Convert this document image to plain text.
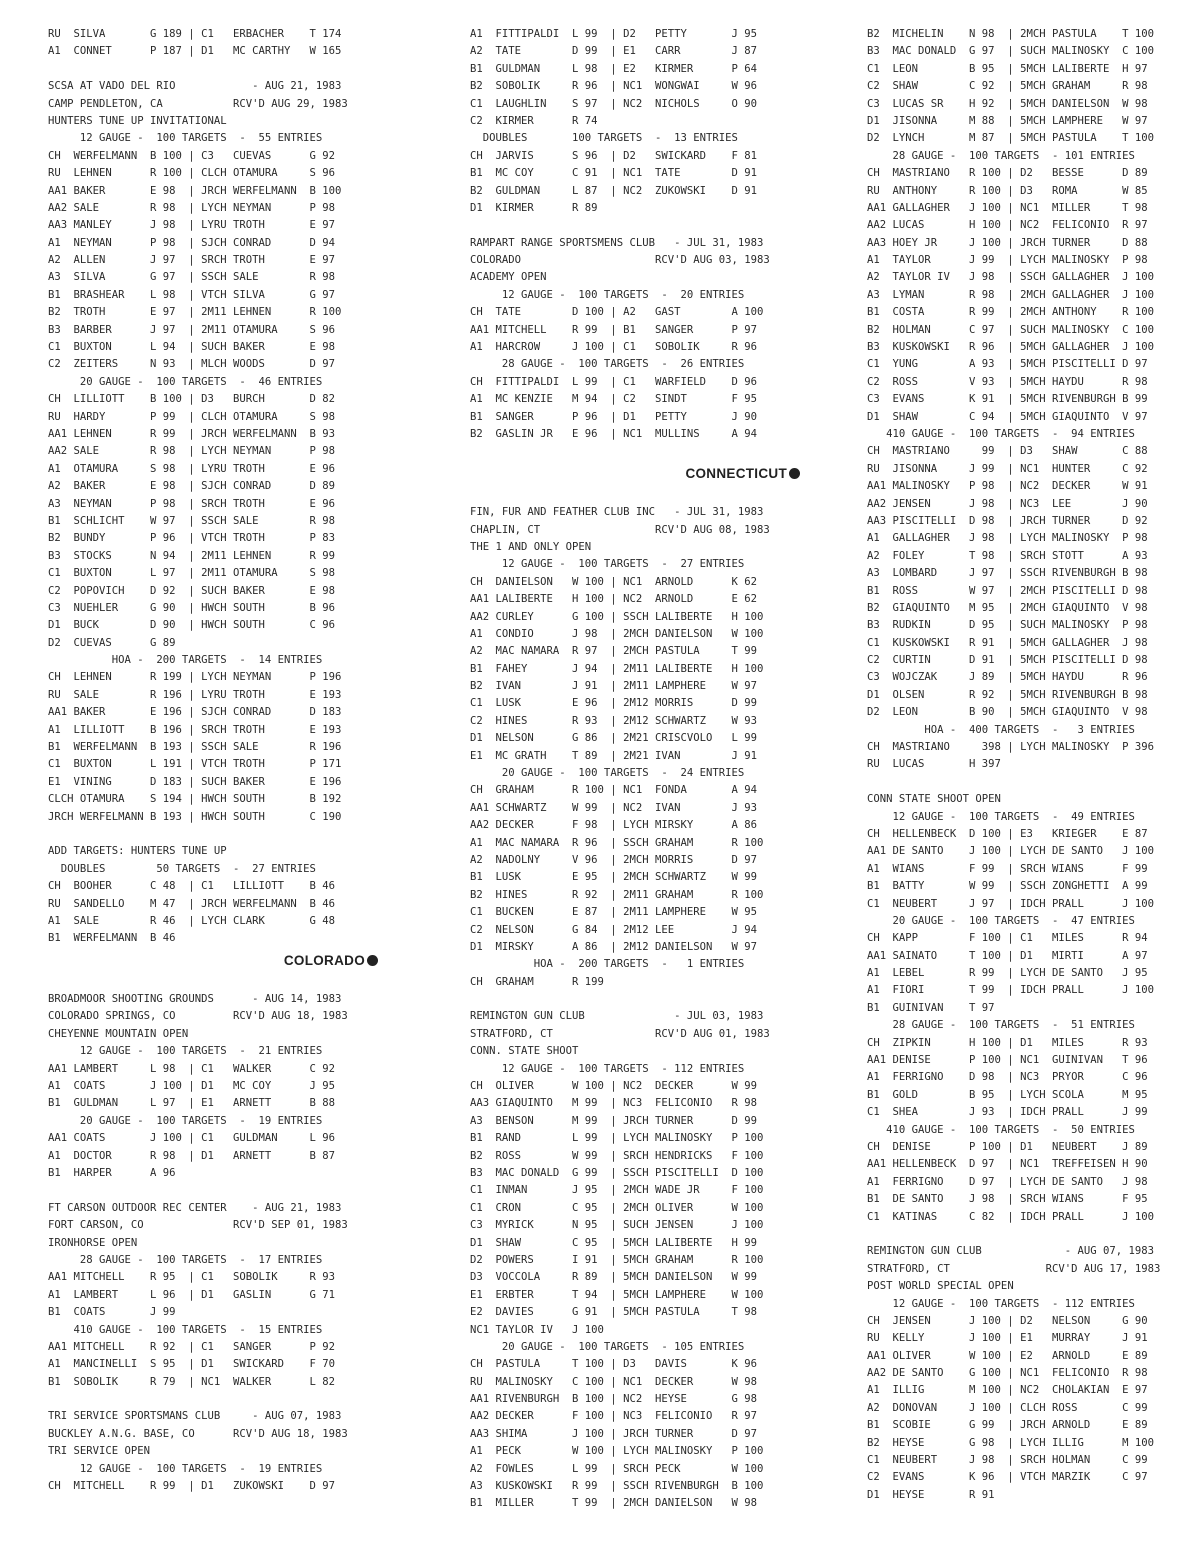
RU  SILVA       G 189 | C1   ERBACHER    T 174
A1  CONNET      P 187 | D1   MC CARTHY   W 165
SCSA AT VADO DEL RIO            - AUG 21, 1983
CAMP PENDLETON, CA           RCV'D AUG 29, 1983
HUNTERS TUNE UP INVITATIONAL
12 GAUGE -  100 TARGETS  -  55 ENTRIES
CH  WERFELMANN  B 100 | C3   CUEVAS      G 92
RU  LEHNEN      R 100 | CLCH OTAMURA     S 96
AA1 BAKER       E 98  | JRCH WERFELMANN  B 100
AA2 SALE        R 98  | LYCH NEYMAN      P 98
AA3 MANLEY      J 98  | LYRU TROTH       E 97
A1  NEYMAN      P 98  | SJCH CONRAD      D 94
A2  ALLEN       J 97  | SRCH TROTH       E 97
A3  SILVA       G 97  | SSCH SALE        R 98
B1  BRASHEAR    L 98  | VTCH SILVA       G 97
B2  TROTH       E 97  | 2M11 LEHNEN      R 100
B3  BARBER      J 97  | 2M11 OTAMURA     S 96
C1  BUXTON      L 94  | SUCH BAKER       E 98
C2  ZEITERS     N 93  | MLCH WOODS       D 97
20 GAUGE -  100 TARGETS  -  46 ENTRIES
CH  LILLIOTT    B 100 | D3   BURCH       D 82
RU  HARDY       P 99  | CLCH OTAMURA     S 98
AA1 LEHNEN      R 99  | JRCH WERFELMANN  B 93
AA2 SALE        R 98  | LYCH NEYMAN      P 98
A1  OTAMURA     S 98  | LYRU TROTH       E 96
A2  BAKER       E 98  | SJCH CONRAD      D 89
A3  NEYMAN      P 98  | SRCH TROTH       E 96
B1  SCHLICHT    W 97  | SSCH SALE        R 98
B2  BUNDY       P 96  | VTCH TROTH       P 83
B3  STOCKS      N 94  | 2M11 LEHNEN      R 99
C1  BUXTON      L 97  | 2M11 OTAMURA     S 98
C2  POPOVICH    D 92  | SUCH BAKER       E 98
C3  NUEHLER     G 90  | HWCH SOUTH       B 96
D1  BUCK        D 90  | HWCH SOUTH       C 96
D2  CUEVAS      G 89
HOA -  200 TARGETS  -  14 ENTRIES
CH  LEHNEN      R 199 | LYCH NEYMAN      P 196
RU  SALE        R 196 | LYRU TROTH       E 193
AA1 BAKER       E 196 | SJCH CONRAD      D 183
A1  LILLIOTT    B 196 | SRCH TROTH       E 193
B1  WERFELMANN  B 193 | SSCH SALE        R 196
C1  BUXTON      L 191 | VTCH TROTH       P 171
E1  VINING      D 183 | SUCH BAKER       E 196
CLCH OTAMURA    S 194 | HWCH SOUTH       B 192
JRCH WERFELMANN B 193 | HWCH SOUTH       C 190
ADD TARGETS: HUNTERS TUNE UP
DOUBLES        50 TARGETS  -  27 ENTRIES
CH  BOOHER      C 48  | C1   LILLIOTT    B 46
RU  SANDELLO    M 47  | JRCH WERFELMANN  B 46
A1  SALE        R 46  | LYCH CLARK       G 48
B1  WERFELMANN  B 46
COLORADO
BROADMOOR SHOOTING GROUNDS      - AUG 14, 1983
COLORADO SPRINGS, CO         RCV'D AUG 18, 1983
CHEYENNE MOUNTAIN OPEN
12 GAUGE -  100 TARGETS  -  21 ENTRIES
AA1 LAMBERT     L 98  | C1   WALKER      C 92
A1  COATS       J 100 | D1   MC COY      J 95
B1  GULDMAN     L 97  | E1   ARNETT      B 88
20 GAUGE -  100 TARGETS  -  19 ENTRIES
AA1 COATS       J 100 | C1   GULDMAN     L 96
A1  DOCTOR      R 98  | D1   ARNETT      B 87
B1  HARPER      A 96
FT CARSON OUTDOOR REC CENTER    - AUG 21, 1983
FORT CARSON, CO              RCV'D SEP 01, 1983
IRONHORSE OPEN
28 GAUGE -  100 TARGETS  -  17 ENTRIES
AA1 MITCHELL    R 95  | C1   SOBOLIK     R 93
A1  LAMBERT     L 96  | D1   GASLIN      G 71
B1  COATS       J 99
410 GAUGE -  100 TARGETS  -  15 ENTRIES
AA1 MITCHELL    R 92  | C1   SANGER      P 92
A1  MANCINELLI  S 95  | D1   SWICKARD    F 70
B1  SOBOLIK     R 79  | NC1  WALKER      L 82
TRI SERVICE SPORTSMANS CLUB     - AUG 07, 1983
BUCKLEY A.N.G. BASE, CO      RCV'D AUG 18, 1983
TRI SERVICE OPEN
12 GAUGE -  100 TARGETS  -  19 ENTRIES
CH  MITCHELL    R 99  | D1   ZUKOWSKI    D 97
A1  FITTIPALDI  L 99  | D2   PETTY       J 95
A2  TATE        D 99  | E1   CARR        J 87
B1  GULDMAN     L 98  | E2   KIRMER      P 64
B2  SOBOLIK     R 96  | NC1  WONGWAI     W 96
C1  LAUGHLIN    S 97  | NC2  NICHOLS     O 90
C2  KIRMER      R 74
DOUBLES       100 TARGETS  -  13 ENTRIES
CH  JARVIS      S 96  | D2   SWICKARD    F 81
B1  MC COY      C 91  | NC1  TATE        D 91
B2  GULDMAN     L 87  | NC2  ZUKOWSKI    D 91
D1  KIRMER      R 89
RAMPART RANGE SPORTSMENS CLUB   - JUL 31, 1983
COLORADO                     RCV'D AUG 03, 1983
ACADEMY OPEN
12 GAUGE -  100 TARGETS  -  20 ENTRIES
CH  TATE        D 100 | A2   GAST        A 100
AA1 MITCHELL    R 99  | B1   SANGER      P 97
A1  HARCROW     J 100 | C1   SOBOLIK     R 96
28 GAUGE -  100 TARGETS  -  26 ENTRIES
CH  FITTIPALDI  L 99  | C1   WARFIELD    D 96
A1  MC KENZIE   M 94  | C2   SINDT       F 95
B1  SANGER      P 96  | D1   PETTY       J 90
B2  GASLIN JR   E 96  | NC1  MULLINS     A 94
CONNECTICUT
FIN, FUR AND FEATHER CLUB INC   - JUL 31, 1983
CHAPLIN, CT                  RCV'D AUG 08, 1983
THE 1 AND ONLY OPEN
12 GAUGE -  100 TARGETS  -  27 ENTRIES
CH  DANIELSON   W 100 | NC1  ARNOLD      K 62
AA1 LALIBERTE   H 100 | NC2  ARNOLD      E 62
AA2 CURLEY      G 100 | SSCH LALIBERTE   H 100
A1  CONDIO      J 98  | 2MCH DANIELSON   W 100
A2  MAC NAMARA  R 97  | 2MCH PASTULA     T 99
B1  FAHEY       J 94  | 2M11 LALIBERTE   H 100
B2  IVAN        J 91  | 2M11 LAMPHERE    W 97
C1  LUSK        E 96  | 2M12 MORRIS      D 99
C2  HINES       R 93  | 2M12 SCHWARTZ    W 93
D1  NELSON      G 86  | 2M21 CRISCVOLO   L 99
E1  MC GRATH    T 89  | 2M21 IVAN        J 91
20 GAUGE -  100 TARGETS  -  24 ENTRIES
CH  GRAHAM      R 100 | NC1  FONDA       A 94
AA1 SCHWARTZ    W 99  | NC2  IVAN        J 93
AA2 DECKER      F 98  | LYCH MIRSKY      A 86
A1  MAC NAMARA  R 96  | SSCH GRAHAM      R 100
A2  NADOLNY     V 96  | 2MCH MORRIS      D 97
B1  LUSK        E 95  | 2MCH SCHWARTZ    W 99
B2  HINES       R 92  | 2M11 GRAHAM      R 100
C1  BUCKEN      E 87  | 2M11 LAMPHERE    W 95
C2  NELSON      G 84  | 2M12 LEE         J 94
D1  MIRSKY      A 86  | 2M12 DANIELSON   W 97
HOA -  200 TARGETS  -   1 ENTRIES
CH  GRAHAM      R 199
REMINGTON GUN CLUB              - JUL 03, 1983
STRATFORD, CT                RCV'D AUG 01, 1983
CONN. STATE SHOOT
12 GAUGE -  100 TARGETS  - 112 ENTRIES
CH  OLIVER      W 100 | NC2  DECKER      W 99
AA3 GIAQUINTO   M 99  | NC3  FELICONIO   R 98
A3  BENSON      M 99  | JRCH TURNER      D 99
B1  RAND        L 99  | LYCH MALINOSKY   P 100
B2  ROSS        W 99  | SRCH HENDRICKS   F 100
B3  MAC DONALD  G 99  | SSCH PISCITELLI  D 100
C1  INMAN       J 95  | 2MCH WADE JR     F 100
C1  CRON        C 95  | 2MCH OLIVER      W 100
C3  MYRICK      N 95  | SUCH JENSEN      J 100
D1  SHAW        C 95  | 5MCH LALIBERTE   H 99
D2  POWERS      I 91  | 5MCH GRAHAM      R 100
D3  VOCCOLA     R 89  | 5MCH DANIELSON   W 99
E1  ERBTER      T 94  | 5MCH LAMPHERE    W 100
E2  DAVIES      G 91  | 5MCH PASTULA     T 98
NC1 TAYLOR IV   J 100
20 GAUGE -  100 TARGETS  - 105 ENTRIES
CH  PASTULA     T 100 | D3   DAVIS       K 96
RU  MALINOSKY   C 100 | NC1  DECKER      W 98
AA1 RIVENBURGH  B 100 | NC2  HEYSE       G 98
AA2 DECKER      F 100 | NC3  FELICONIO   R 97
AA3 SHIMA       J 100 | JRCH TURNER      D 97
A1  PECK        W 100 | LYCH MALINOSKY   P 100
A2  FOWLES      L 99  | SRCH PECK        W 100
A3  KUSKOWSKI   R 99  | SSCH RIVENBURGH  B 100
B1  MILLER      T 99  | 2MCH DANIELSON   W 98
B2  MICHELIN    N 98  | 2MCH PASTULA    T 100
B3  MAC DONALD  G 97  | SUCH MALINOSKY  C 100
C1  LEON        B 95  | 5MCH LALIBERTE  H 97
C2  SHAW        C 92  | 5MCH GRAHAM     R 98
C3  LUCAS SR    H 92  | 5MCH DANIELSON  W 98
D1  JISONNA     M 88  | 5MCH LAMPHERE   W 97
D2  LYNCH       M 87  | 5MCH PASTULA    T 100
28 GAUGE -  100 TARGETS  - 101 ENTRIES
CH  MASTRIANO   R 100 | D2   BESSE      D 89
RU  ANTHONY     R 100 | D3   ROMA       W 85
AA1 GALLAGHER   J 100 | NC1  MILLER     T 98
AA2 LUCAS       H 100 | NC2  FELICONIO  R 97
AA3 HOEY JR     J 100 | JRCH TURNER     D 88
A1  TAYLOR      J 99  | LYCH MALINOSKY  P 98
A2  TAYLOR IV   J 98  | SSCH GALLAGHER  J 100
A3  LYMAN       R 98  | 2MCH GALLAGHER  J 100
B1  COSTA       R 99  | 2MCH ANTHONY    R 100
B2  HOLMAN      C 97  | SUCH MALINOSKY  C 100
B3  KUSKOWSKI   R 96  | 5MCH GALLAGHER  J 100
C1  YUNG        A 93  | 5MCH PISCITELLI D 97
C2  ROSS        V 93  | 5MCH HAYDU      R 98
C3  EVANS       K 91  | 5MCH RIVENBURGH B 99
D1  SHAW        C 94  | 5MCH GIAQUINTO  V 97
410 GAUGE -  100 TARGETS  -  94 ENTRIES
CH  MASTRIANO     99  | D3   SHAW       C 88
RU  JISONNA     J 99  | NC1  HUNTER     C 92
AA1 MALINOSKY   P 98  | NC2  DECKER     W 91
AA2 JENSEN      J 98  | NC3  LEE        J 90
AA3 PISCITELLI  D 98  | JRCH TURNER     D 92
A1  GALLAGHER   J 98  | LYCH MALINOSKY  P 98
A2  FOLEY       T 98  | SRCH STOTT      A 93
A3  LOMBARD     J 97  | SSCH RIVENBURGH B 98
B1  ROSS        W 97  | 2MCH PISCITELLI D 98
B2  GIAQUINTO   M 95  | 2MCH GIAQUINTO  V 98
B3  RUDKIN      D 95  | SUCH MALINOSKY  P 98
C1  KUSKOWSKI   R 91  | 5MCH GALLAGHER  J 98
C2  CURTIN      D 91  | 5MCH PISCITELLI D 98
C3  WOJCZAK     J 89  | 5MCH HAYDU      R 96
D1  OLSEN       R 92  | 5MCH RIVENBURGH B 98
D2  LEON        B 90  | 5MCH GIAQUINTO  V 98
HOA -  400 TARGETS  -   3 ENTRIES
CH  MASTRIANO     398 | LYCH MALINOSKY  P 396
RU  LUCAS       H 397
CONN STATE SHOOT OPEN
12 GAUGE -  100 TARGETS  -  49 ENTRIES
CH  HELLENBECK  D 100 | E3   KRIEGER    E 87
AA1 DE SANTO    J 100 | LYCH DE SANTO   J 100
A1  WIANS       F 99  | SRCH WIANS      F 99
B1  BATTY       W 99  | SSCH ZONGHETTI  A 99
C1  NEUBERT     J 97  | IDCH PRALL      J 100
20 GAUGE -  100 TARGETS  -  47 ENTRIES
CH  KAPP        F 100 | C1   MILES      R 94
AA1 SAINATO     T 100 | D1   MIRTI      A 97
A1  LEBEL       R 99  | LYCH DE SANTO   J 95
A1  FIORI       T 99  | IDCH PRALL      J 100
B1  GUINIVAN    T 97
28 GAUGE -  100 TARGETS  -  51 ENTRIES
CH  ZIPKIN      H 100 | D1   MILES      R 93
AA1 DENISE      P 100 | NC1  GUINIVAN   T 96
A1  FERRIGNO    D 98  | NC3  PRYOR      C 96
B1  GOLD        B 95  | LYCH SCOLA      M 95
C1  SHEA        J 93  | IDCH PRALL      J 99
410 GAUGE -  100 TARGETS  -  50 ENTRIES
CH  DENISE      P 100 | D1   NEUBERT    J 89
AA1 HELLENBECK  D 97  | NC1  TREFFEISEN H 90
A1  FERRIGNO    D 97  | LYCH DE SANTO   J 98
B1  DE SANTO    J 98  | SRCH WIANS      F 95
C1  KATINAS     C 82  | IDCH PRALL      J 100
REMINGTON GUN CLUB             - AUG 07, 1983
STRATFORD, CT               RCV'D AUG 17, 1983
POST WORLD SPECIAL OPEN
12 GAUGE -  100 TARGETS  - 112 ENTRIES
CH  JENSEN      J 100 | D2   NELSON     G 90
RU  KELLY       J 100 | E1   MURRAY     J 91
AA1 OLIVER      W 100 | E2   ARNOLD     E 89
AA2 DE SANTO    G 100 | NC1  FELICONIO  R 98
A1  ILLIG       M 100 | NC2  CHOLAKIAN  E 97
A2  DONOVAN     J 100 | CLCH ROSS       C 99
B1  SCOBIE      G 99  | JRCH ARNOLD     E 89
B2  HEYSE       G 98  | LYCH ILLIG      M 100
C1  NEUBERT     J 98  | SRCH HOLMAN     C 99
C2  EVANS       K 96  | VTCH MARZIK     C 97
D1  HEYSE       R 91
